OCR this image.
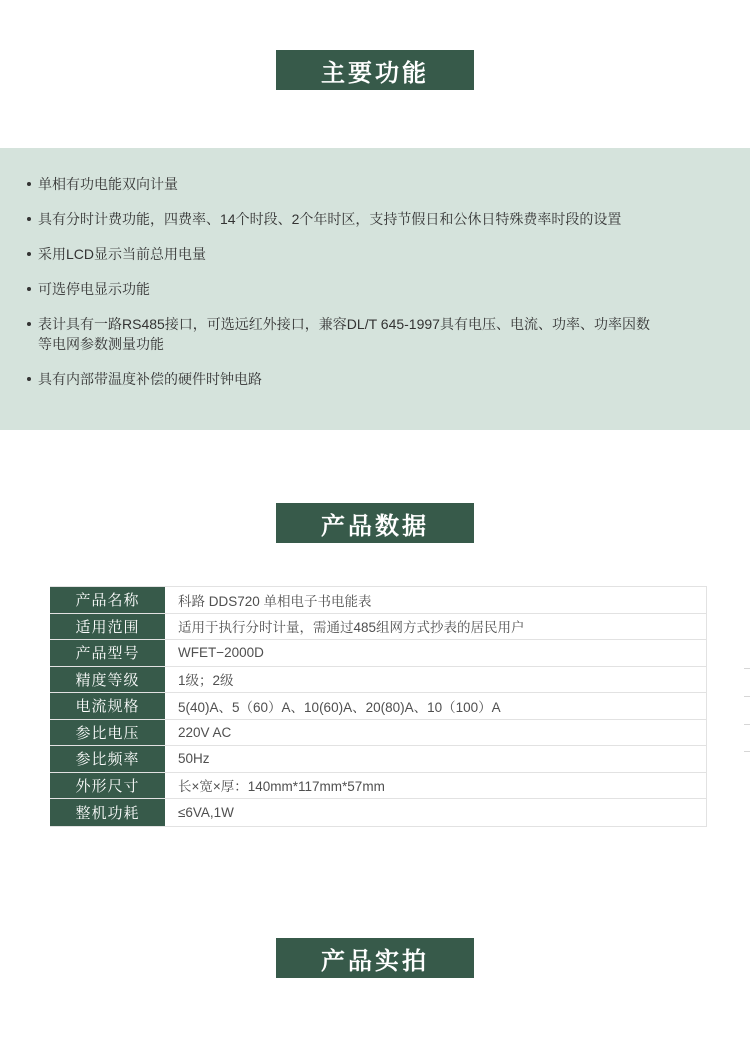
主要功能
单相有功电能双向计量
具有分时计费功能，四费率、14个时段、2个年时区，支持节假日和公休日特殊费率时段的设置
采用LCD显示当前总用电量
可选停电显示功能
表计具有一路RS485接口，可选远红外接口，兼容DL/T 645-1997具有电压、电流、功率、功率因数等电网参数测量功能
具有内部带温度补偿的硬件时钟电路
产品数据
产品名称	科路 DDS720 单相电子书电能表
适用范围	适用于执行分时计量，需通过485组网方式抄表的居民用户
产品型号	WFET−2000D
精度等级	1级；2级
电流规格	5(40)A、5（60）A、10(60)A、20(80)A、10（100）A
参比电压	220V AC
参比频率	50Hz
外形尺寸	长×宽×厚：140mm*117mm*57mm
整机功耗	≤6VA,1W
产品实拍
